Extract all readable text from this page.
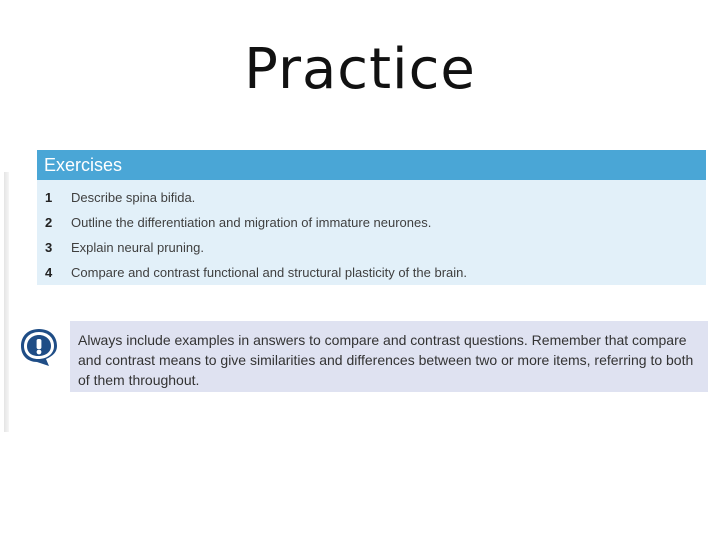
Practice
Exercises
1	Describe spina bifida.
2	Outline the differentiation and migration of immature neurones.
3	Explain neural pruning.
4	Compare and contrast functional and structural plasticity of the brain.
Always include examples in answers to compare and contrast questions. Remember that compare and contrast means to give similarities and differences between two or more items, referring to both of them throughout.
